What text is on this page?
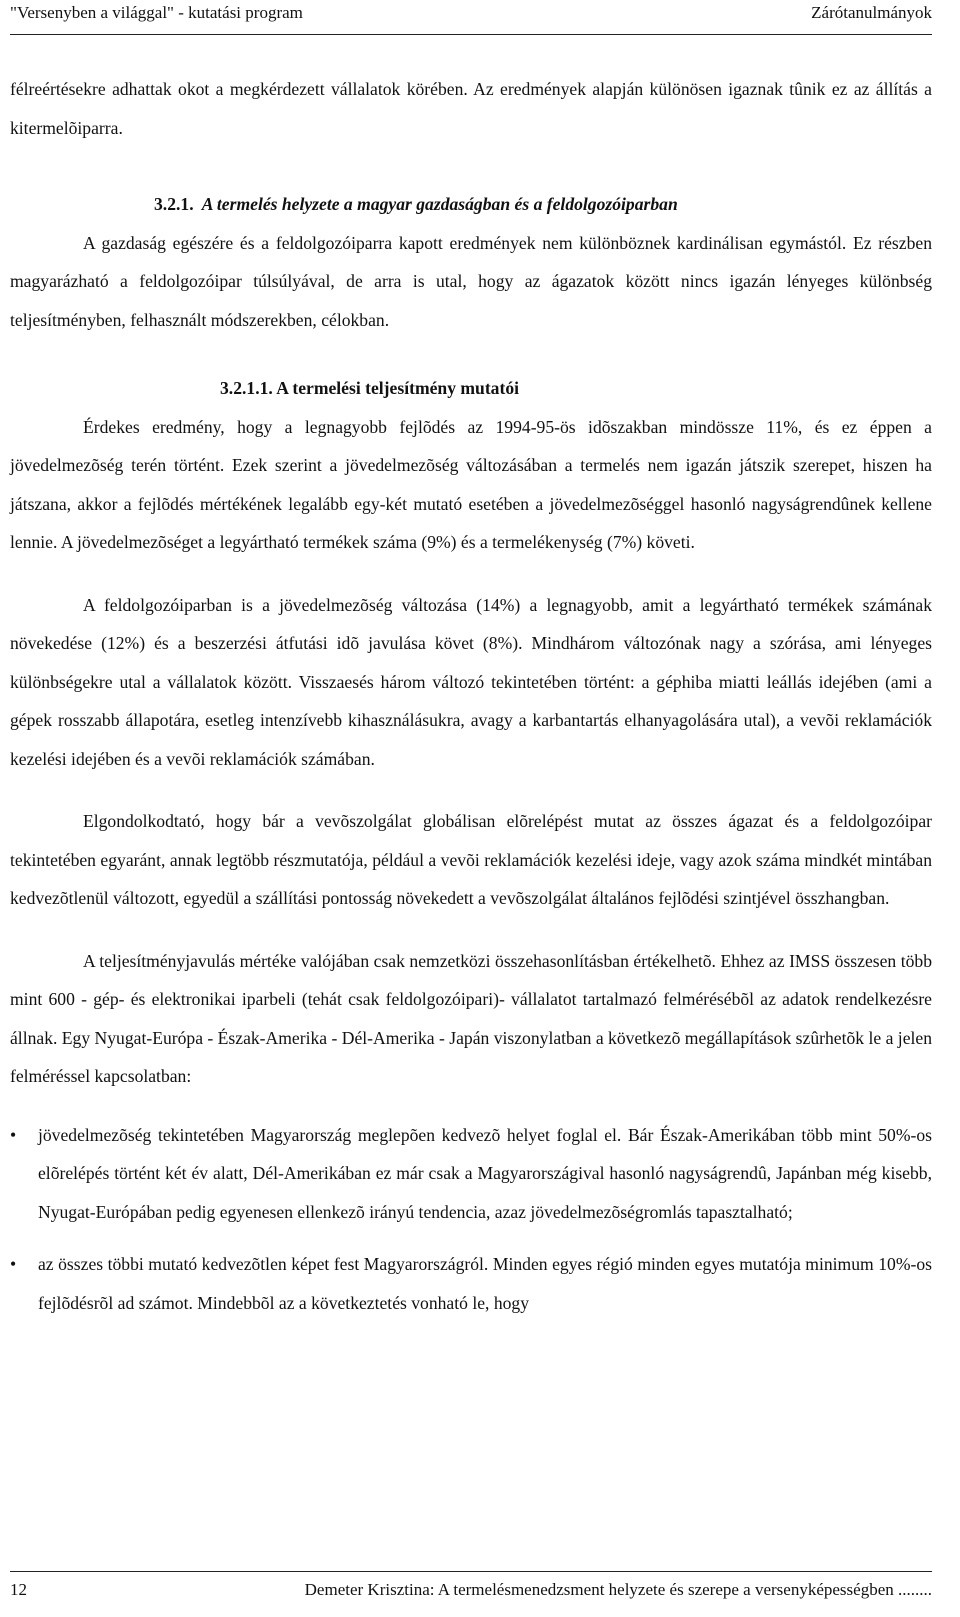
"Versenyben a világgal" - kutatási program	Zárótanulmányok

félreértésekre adhattak okot a megkérdezett vállalatok körében. Az eredmények alapján különösen igaznak tûnik ez az állítás a kitermelõiparra.

3.2.1. A termelés helyzete a magyar gazdaságban és a feldolgozóiparban

A gazdaság egészére és a feldolgozóiparra kapott eredmények nem különböznek kardinálisan egymástól. Ez részben magyarázható a feldolgozóipar túlsúlyával, de arra is utal, hogy az ágazatok között nincs igazán lényeges különbség teljesítményben, felhasznált módszerekben, célokban.

3.2.1.1. A termelési teljesítmény mutatói

Érdekes eredmény, hogy a legnagyobb fejlõdés az 1994-95-ös idõszakban mindössze 11%, és ez éppen a jövedelmezõség terén történt. Ezek szerint a jövedelmezõség változásában a termelés nem igazán játszik szerepet, hiszen ha játszana, akkor a fejlõdés mértékének legalább egy-két mutató esetében a jövedelmezõséggel hasonló nagyságrendûnek kellene lennie. A jövedelmezõséget a legyártható termékek száma (9%) és a termelékenység (7%) követi.

A feldolgozóiparban is a jövedelmezõség változása (14%) a legnagyobb, amit a legyártható termékek számának növekedése (12%) és a beszerzési átfutási idõ javulása követ (8%). Mindhárom változónak nagy a szórása, ami lényeges különbségekre utal a vállalatok között. Visszaesés három változó tekintetében történt: a géphiba miatti leállás idejében (ami a gépek rosszabb állapotára, esetleg intenzívebb kihasználásukra, avagy a karbantartás elhanyagolására utal), a vevõi reklamációk kezelési idejében és a vevõi reklamációk számában.

Elgondolkodtató, hogy bár a vevõszolgálat globálisan elõrelépést mutat az összes ágazat és a feldolgozóipar tekintetében egyaránt, annak legtöbb részmutatója, például a vevõi reklamációk kezelési ideje, vagy azok száma mindkét mintában kedvezõtlenül változott, egyedül a szállítási pontosság növekedett a vevõszolgálat általános fejlõdési szintjével összhangban.

A teljesítményjavulás mértéke valójában csak nemzetközi összehasonlításban értékelhetõ. Ehhez az IMSS összesen több mint 600 - gép- és elektronikai iparbeli (tehát csak feldolgozóipari)- vállalatot tartalmazó felmérésébõl az adatok rendelkezésre állnak. Egy Nyugat-Európa - Észak-Amerika - Dél-Amerika - Japán viszonylatban a következõ megállapítások szûrhetõk le a jelen felméréssel kapcsolatban:

• jövedelmezõség tekintetében Magyarország meglepõen kedvezõ helyet foglal el. Bár Észak-Amerikában több mint 50%-os elõrelépés történt két év alatt, Dél-Amerikában ez már csak a Magyarországival hasonló nagyságrendû, Japánban még kisebb, Nyugat-Európában pedig egyenesen ellenkezõ irányú tendencia, azaz jövedelmezõségromlás tapasztalható;
• az összes többi mutató kedvezõtlen képet fest Magyarországról. Minden egyes régió minden egyes mutatója minimum 10%-os fejlõdésrõl ad számot. Mindebbõl az a következtetés vonható le, hogy
12	Demeter Krisztina: A termelésmenedzsment helyzete és szerepe a versenyképességben ........
